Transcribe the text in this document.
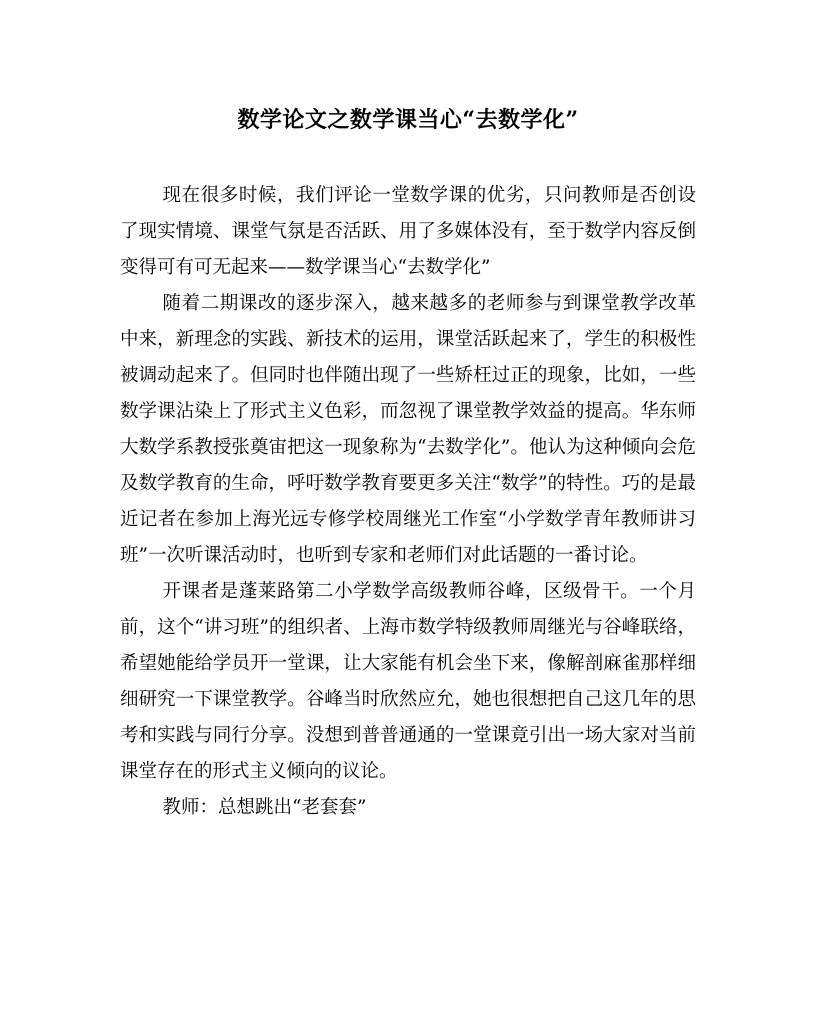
数学论文之数学课当心“去数学化”

现在很多时候，我们评论一堂数学课的优劣，只问教师是否创设了现实情境、课堂气氛是否活跃、用了多媒体没有，至于数学内容反倒变得可有可无起来——数学课当心“去数学化”

随着二期课改的逐步深入，越来越多的老师参与到课堂教学改革中来，新理念的实践、新技术的运用，课堂活跃起来了，学生的积极性被调动起来了。但同时也伴随出现了一些矫枉过正的现象，比如，一些数学课沾染上了形式主义色彩，而忽视了课堂教学效益的提高。华东师大数学系教授张奠宙把这一现象称为“去数学化”。他认为这种倾向会危及数学教育的生命，呼吁数学教育要更多关注“数学”的特性。巧的是最近记者在参加上海光远专修学校周继光工作室“小学数学青年教师讲习班”一次听课活动时，也听到专家和老师们对此话题的一番讨论。

开课者是蓬莱路第二小学数学高级教师谷峰，区级骨干。一个月前，这个“讲习班”的组织者、上海市数学特级教师周继光与谷峰联络，希望她能给学员开一堂课，让大家能有机会坐下来，像解剖麻雀那样细细研究一下课堂教学。谷峰当时欣然应允，她也很想把自己这几年的思考和实践与同行分享。没想到普普通通的一堂课竟引出一场大家对当前课堂存在的形式主义倾向的议论。

教师：总想跳出“老套套”
